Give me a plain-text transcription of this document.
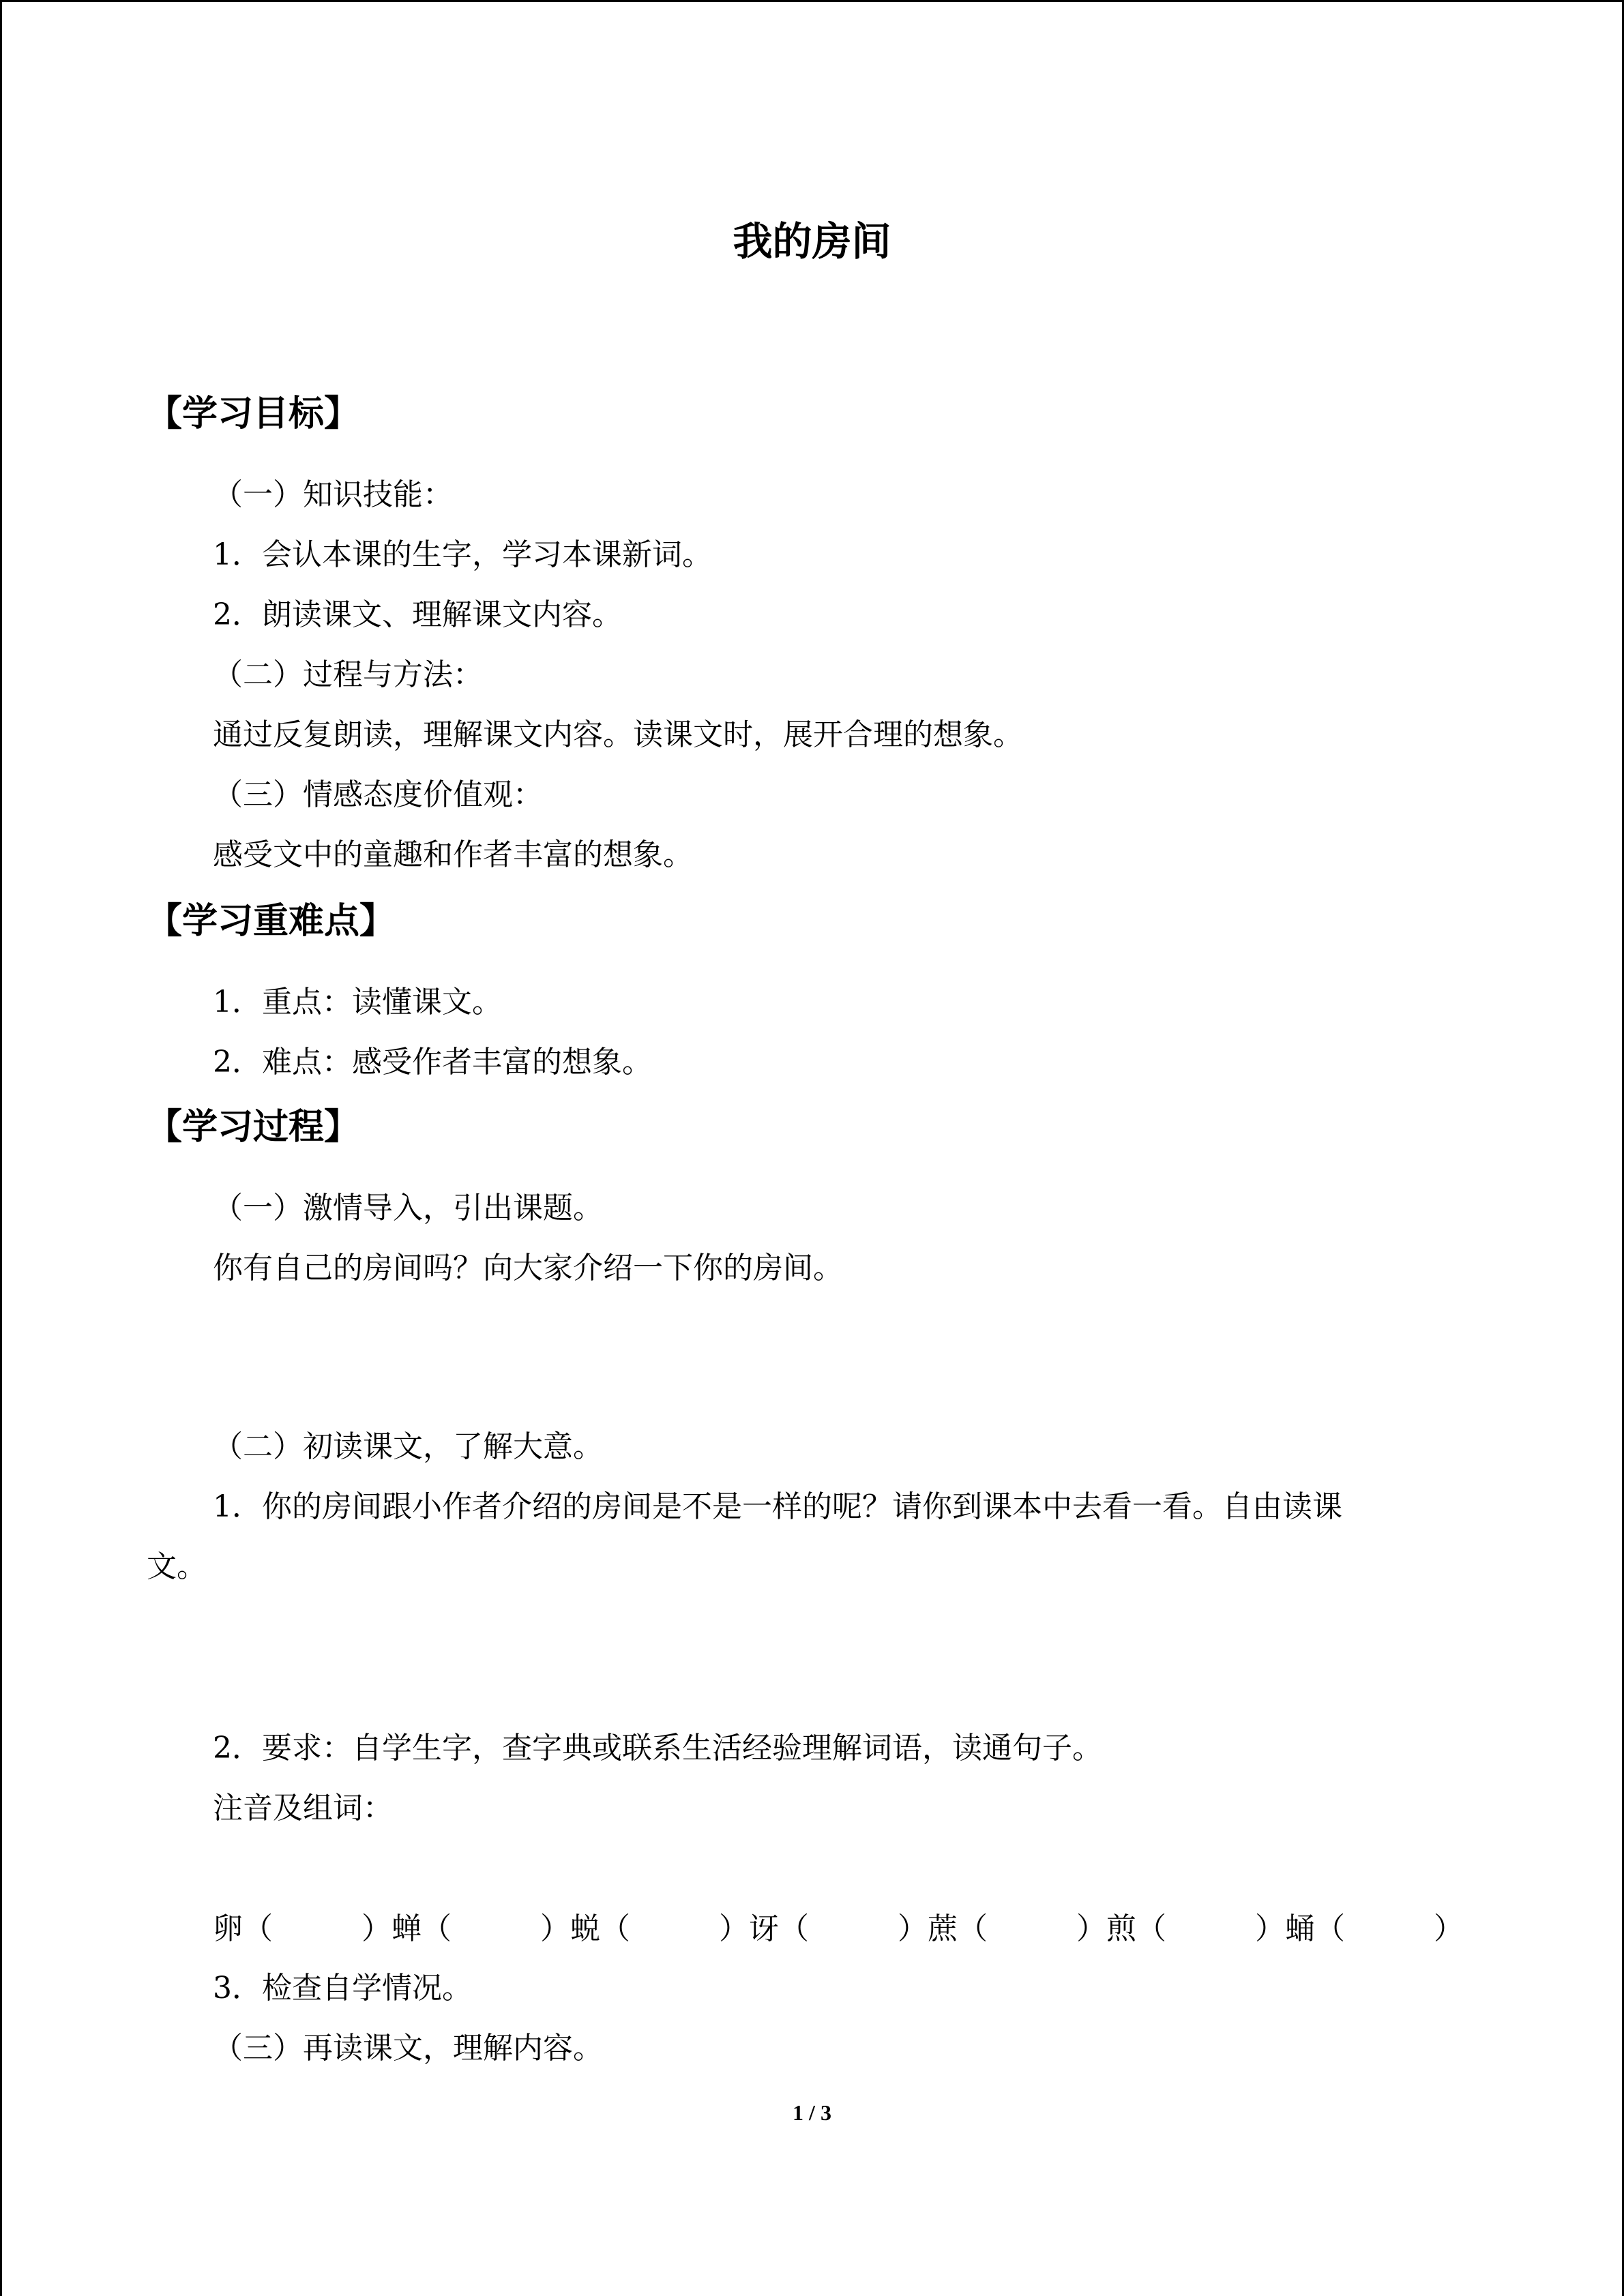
我的房间
【学习目标】
（一）知识技能：
1．会认本课的生字，学习本课新词。
2．朗读课文、理解课文内容。
（二）过程与方法：
通过反复朗读，理解课文内容。读课文时，展开合理的想象。
（三）情感态度价值观：
感受文中的童趣和作者丰富的想象。
【学习重难点】
1．重点：读懂课文。
2．难点：感受作者丰富的想象。
【学习过程】
（一）激情导入，引出课题。
你有自己的房间吗？向大家介绍一下你的房间。
（二）初读课文，了解大意。
1．你的房间跟小作者介绍的房间是不是一样的呢？请你到课本中去看一看。自由读课
文。
2．要求：自学生字，查字典或联系生活经验理解词语，读通句子。
注音及组词：
卵（	）蝉（	）蜕（	）讶（	）蔗（	）煎（	）蛹（	）
3．检查自学情况。
（三）再读课文，理解内容。
1 / 3
